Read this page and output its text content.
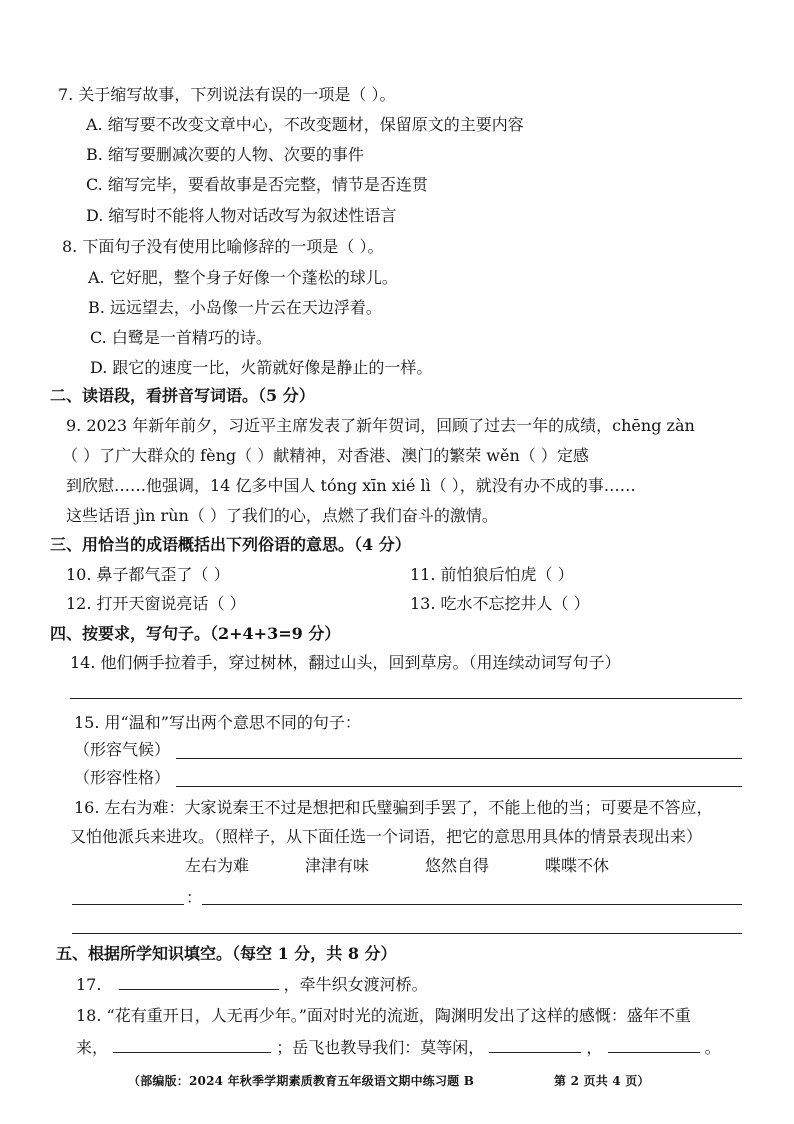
7. 关于缩写故事，下列说法有误的一项是（ ）。
A. 缩写要不改变文章中心，不改变题材，保留原文的主要内容
B. 缩写要删减次要的人物、次要的事件
C. 缩写完毕，要看故事是否完整，情节是否连贯
D. 缩写时不能将人物对话改写为叙述性语言
8. 下面句子没有使用比喻修辞的一项是（ ）。
A. 它好肥，整个身子好像一个蓬松的球儿。
B. 远远望去，小岛像一片云在天边浮着。
C. 白鹭是一首精巧的诗。
D. 跟它的速度一比，火箭就好像是静止的一样。
二、读语段，看拼音写词语。（5 分）
9. 2023 年新年前夕，习近平主席发表了新年贺词，回顾了过去一年的成绩，chēng zàn
（ ）了广大群众的 fèng（ ）献精神，对香港、澳门的繁荣 wěn（ ）定感
到欣慰……他强调，14 亿多中国人 tóng xīn xié lì（ ），就没有办不成的事……
这些话语 jìn rùn（ ）了我们的心，点燃了我们奋斗的激情。
三、用恰当的成语概括出下列俗语的意思。（4 分）
10. 鼻子都气歪了（ ）	11. 前怕狼后怕虎（ ）
12. 打开天窗说亮话（ ）	13. 吃水不忘挖井人（ ）
四、按要求，写句子。（2+4+3=9 分）
14. 他们俩手拉着手，穿过树林，翻过山头，回到草房。（用连续动词写句子）
15. 用“温和”写出两个意思不同的句子：
（形容气候）
（形容性格）
16. 左右为难：大家说秦王不过是想把和氏璧骗到手罢了，不能上他的当；可要是不答应，
又怕他派兵来进攻。（照样子，从下面任选一个词语，把它的意思用具体的情景表现出来）
左右为难	津津有味	悠然自得	喋喋不休
：
五、根据所学知识填空。（每空 1 分，共 8 分）
17.	，牵牛织女渡河桥。
18. “花有重开日，人无再少年。”面对时光的流逝，陶渊明发出了这样的感慨：盛年不重
来，	；岳飞也教导我们：莫等闲，	，	。
（部编版：2024 年秋季学期素质教育五年级语文期中练习题 B	第 2 页共 4 页）
